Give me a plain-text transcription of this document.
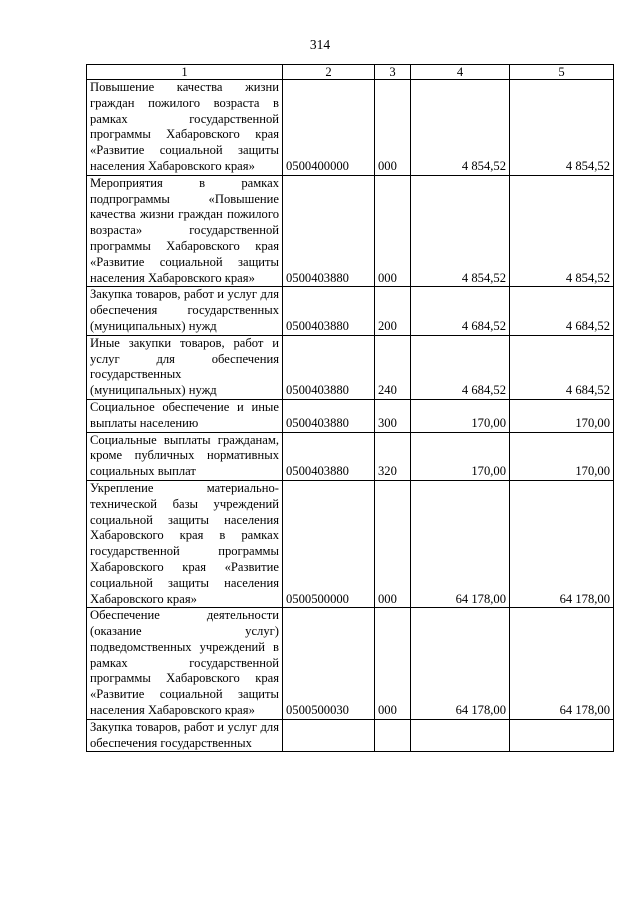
314
1	2	3	4	5
Повышение качества жизни граждан пожилого возраста в рамках государственной программы Хабаровского края «Развитие социальной защиты населения Хабаровского края»	0500400000	000	4 854,52	4 854,52
Мероприятия в рамках подпрограммы «Повышение качества жизни граждан пожилого возраста» государственной программы Хабаровского края «Развитие социальной защиты населения Хабаровского края»	0500403880	000	4 854,52	4 854,52
Закупка товаров, работ и услуг для обеспечения государственных (муниципальных) нужд	0500403880	200	4 684,52	4 684,52
Иные закупки товаров, работ и услуг для обеспечения государственных (муниципальных) нужд	0500403880	240	4 684,52	4 684,52
Социальное обеспечение и иные выплаты населению	0500403880	300	170,00	170,00
Социальные выплаты гражданам, кроме публичных нормативных социальных выплат	0500403880	320	170,00	170,00
Укрепление материально-технической базы учреждений социальной защиты населения Хабаровского края в рамках государственной программы Хабаровского края «Развитие социальной защиты населения Хабаровского края»	0500500000	000	64 178,00	64 178,00
Обеспечение деятельности (оказание услуг) подведомственных учреждений в рамках государственной программы Хабаровского края «Развитие социальной защиты населения Хабаровского края»	0500500030	000	64 178,00	64 178,00
Закупка товаров, работ и услуг для обеспечения государственных				
